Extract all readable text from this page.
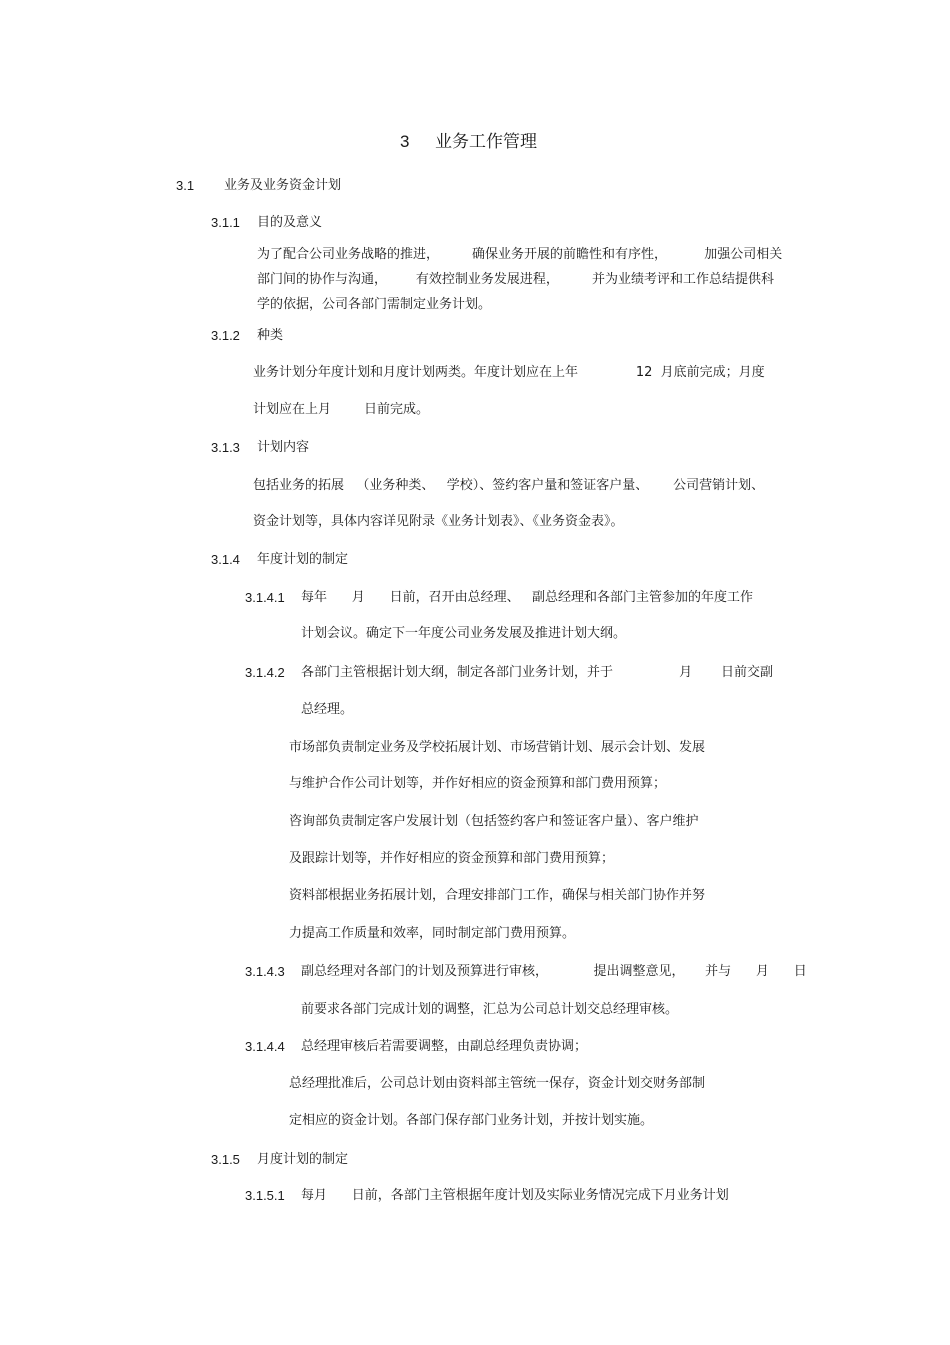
3 业务工作管理
3.1 业务及业务资金计划
3.1.1 目的及意义
为了配合公司业务战略的推进，        确保业务开展的前瞻性和有序性，         加强公司相关
部门间的协作与沟通，       有效控制业务发展进程，        并为业绩考评和工作总结提供科
学的依据，公司各部门需制定业务计划。
3.1.2 种类
业务计划分年度计划和月度计划两类。年度计划应在上年              12  月底前完成；月度
计划应在上月        日前完成。
3.1.3 计划内容
包括业务的拓展   （业务种类、   学校）、签约客户量和签证客户量、      公司营销计划、
资金计划等，具体内容详见附录《业务计划表》、《业务资金表》。
3.1.4 年度计划的制定
3.1.4.1 每年      月      日前，召开由总经理、   副总经理和各部门主管参加的年度工作
计划会议。确定下一年度公司业务发展及推进计划大纲。
3.1.4.2 各部门主管根据计划大纲，制定各部门业务计划，并于                月       日前交副
总经理。
市场部负责制定业务及学校拓展计划、市场营销计划、展示会计划、发展
与维护合作公司计划等，并作好相应的资金预算和部门费用预算；
咨询部负责制定客户发展计划（包括签约客户和签证客户量）、客户维护
及跟踪计划等，并作好相应的资金预算和部门费用预算；
资料部根据业务拓展计划，合理安排部门工作，确保与相关部门协作并努
力提高工作质量和效率，同时制定部门费用预算。
3.1.4.3 副总经理对各部门的计划及预算进行审核，           提出调整意见，     并与      月      日
前要求各部门完成计划的调整，汇总为公司总计划交总经理审核。
3.1.4.4 总经理审核后若需要调整，由副总经理负责协调；
总经理批准后，公司总计划由资料部主管统一保存，资金计划交财务部制
定相应的资金计划。各部门保存部门业务计划，并按计划实施。
3.1.5 月度计划的制定
3.1.5.1 每月      日前，各部门主管根据年度计划及实际业务情况完成下月业务计划
